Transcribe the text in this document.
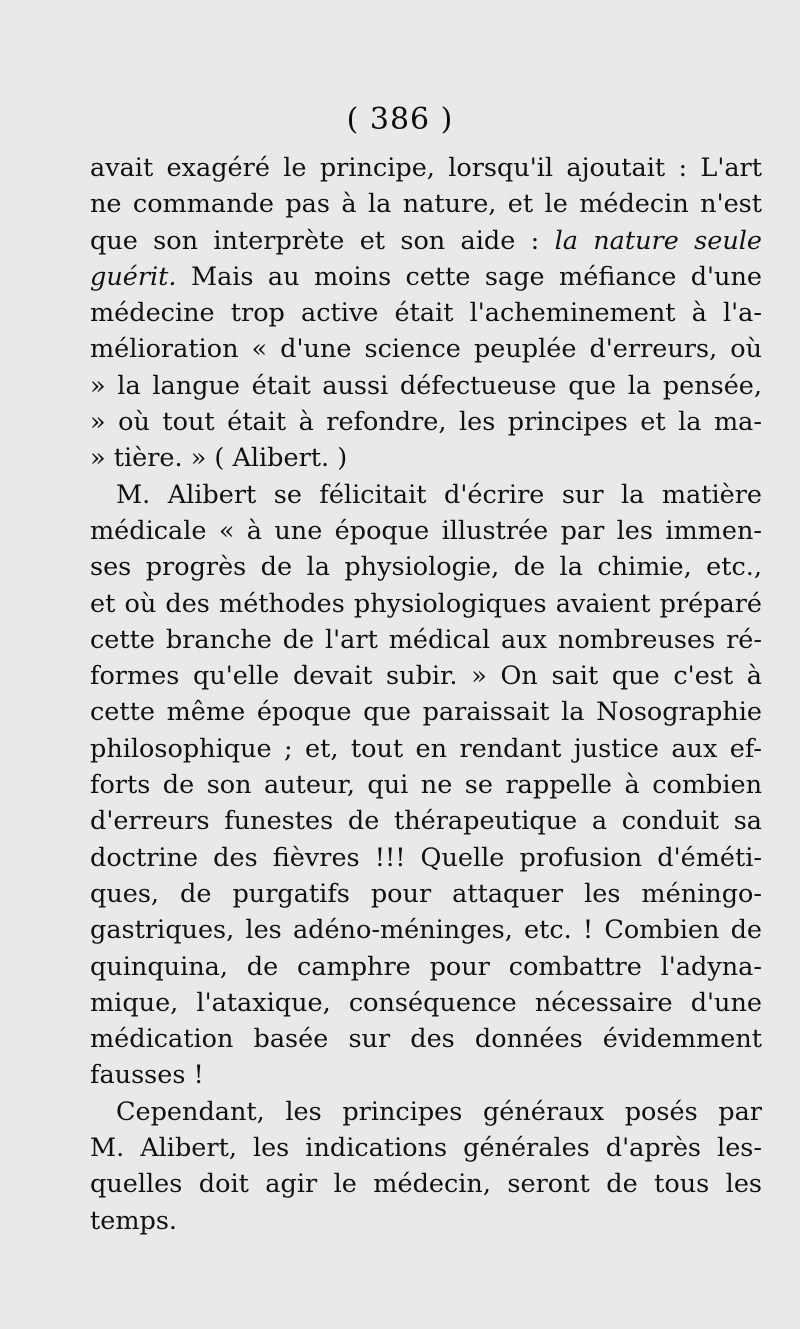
( 386 )
avait exagéré le principe, lorsqu'il ajoutait : L'art
ne commande pas à la nature, et le médecin n'est
que son interprète et son aide : la nature seule
guérit. Mais au moins cette sage méfiance d'une
médecine trop active était l'acheminement à l'a-
mélioration « d'une science peuplée d'erreurs, où
» la langue était aussi défectueuse que la pensée,
» où tout était à refondre, les principes et la ma-
» tière. » ( Alibert. )
M. Alibert se félicitait d'écrire sur la matière
médicale « à une époque illustrée par les immen-
ses progrès de la physiologie, de la chimie, etc.,
et où des méthodes physiologiques avaient préparé
cette branche de l'art médical aux nombreuses ré-
formes qu'elle devait subir. » On sait que c'est à
cette même époque que paraissait la Nosographie
philosophique ; et, tout en rendant justice aux ef-
forts de son auteur, qui ne se rappelle à combien
d'erreurs funestes de thérapeutique a conduit sa
doctrine des fièvres !!! Quelle profusion d'éméti-
ques, de purgatifs pour attaquer les méningo-
gastriques, les adéno-méninges, etc. ! Combien de
quinquina, de camphre pour combattre l'adyna-
mique, l'ataxique, conséquence nécessaire d'une
médication basée sur des données évidemment
fausses !
Cependant, les principes généraux posés par
M. Alibert, les indications générales d'après les-
quelles doit agir le médecin, seront de tous les
temps.
